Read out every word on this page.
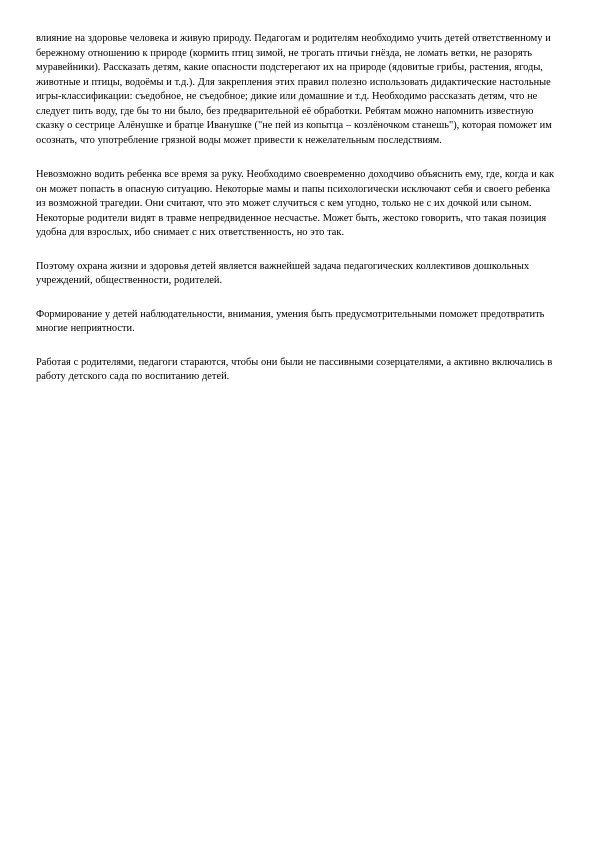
влияние на здоровье человека и живую природу. Педагогам и родителям необходимо учить детей ответственному и бережному отношению к природе (кормить птиц зимой, не трогать птичьи гнёзда, не ломать ветки, не разорять муравейники). Рассказать детям, какие опасности подстерегают их на природе (ядовитые грибы, растения, ягоды, животные и птицы, водоёмы и т.д.). Для закрепления этих правил полезно использовать дидактические настольные игры-классификации: съедобное, не съедобное; дикие или домашние и т.д. Необходимо рассказать детям, что не следует пить воду, где бы то ни было, без предварительной её обработки. Ребятам можно напомнить известную сказку о сестрице Алёнушке и братце Иванушке ("не пей из копытца – козлёночком станешь"), которая поможет им осознать, что употребление грязной воды может привести к нежелательным последствиям.

Невозможно водить ребенка все время за руку. Необходимо своевременно доходчиво объяснить ему, где, когда и как он может попасть в опасную ситуацию. Некоторые мамы и папы психологически исключают себя и своего ребенка из возможной трагедии. Они считают, что это может случиться с кем угодно, только не с их дочкой или сыном. Некоторые родители видят в травме непредвиденное несчастье. Может быть, жестоко говорить, что такая позиция удобна для взрослых, ибо снимает с них ответственность, но это так.

Поэтому охрана жизни и здоровья детей является важнейшей задача педагогических коллективов дошкольных учреждений, общественности, родителей.

Формирование у детей наблюдательности, внимания, умения быть предусмотрительными поможет предотвратить многие неприятности.

Работая с родителями, педагоги стараются, чтобы они были не пассивными созерцателями, а активно включались в работу детского сада по воспитанию детей.
